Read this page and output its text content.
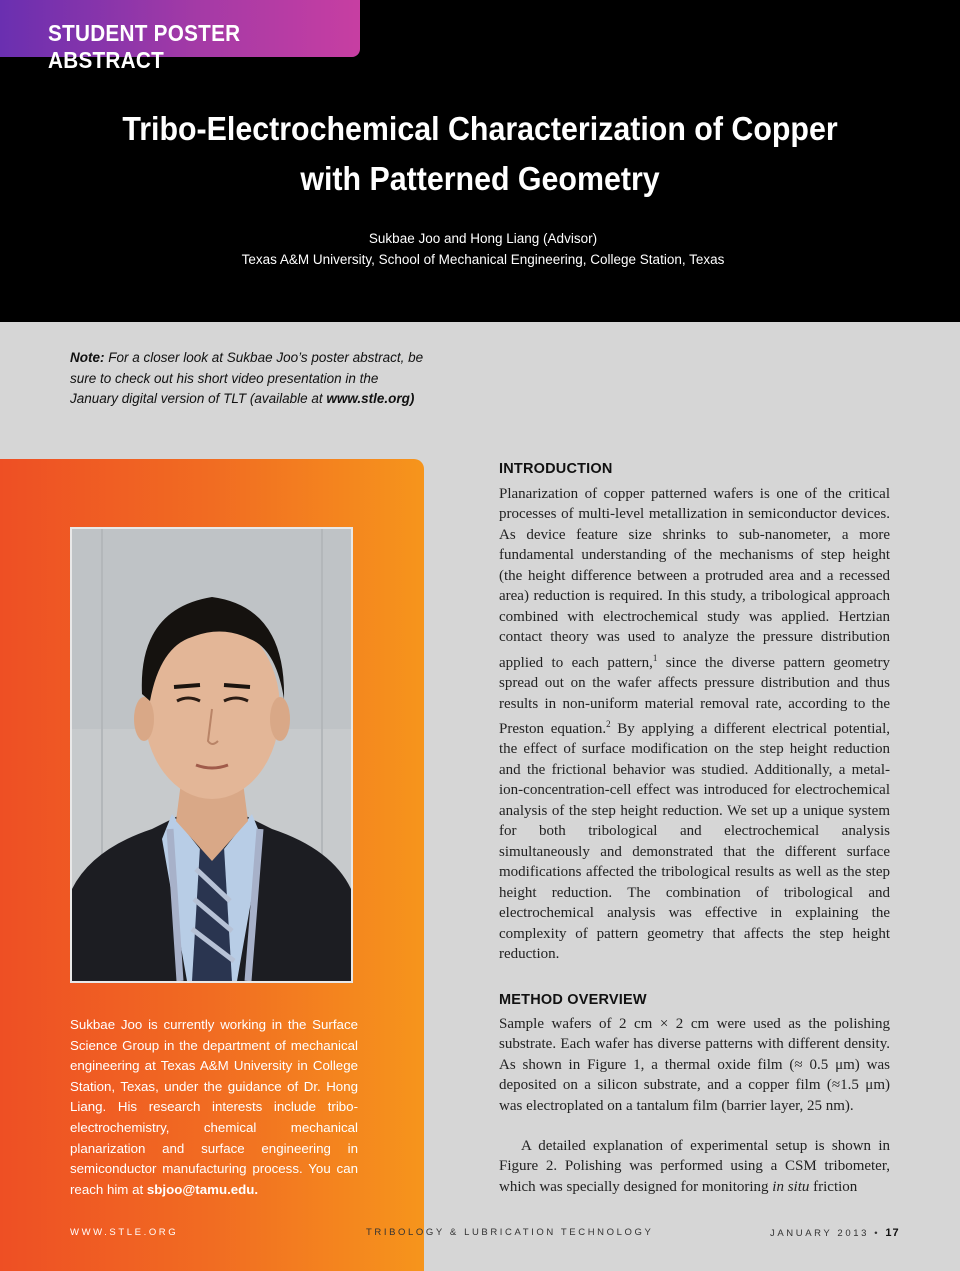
STUDENT POSTER ABSTRACT
Tribo-Electrochemical Characterization of Copper
with Patterned Geometry
Sukbae Joo and Hong Liang (Advisor)
Texas A&M University, School of Mechanical Engineering, College Station, Texas
Note: For a closer look at Sukbae Joo’s poster abstract, be sure to check out his short video presentation in the January digital version of TLT (available at www.stle.org)
Sukbae Joo is currently working in the Surface Science Group in the department of mechanical engineering at Texas A&M University in College Station, Texas, under the guidance of Dr. Hong Liang. His research interests include tribo-electrochemistry, chemical mechanical planarization and surface engineering in semiconductor manufacturing process. You can reach him at sbjoo@tamu.edu.
INTRODUCTION

Planarization of copper patterned wafers is one of the critical processes of multi-level metallization in semiconductor devices. As device feature size shrinks to sub-nanometer, a more fundamental understanding of the mechanisms of step height (the height difference between a protruded area and a recessed area) reduction is required. In this study, a tribological approach combined with electrochemical study was applied. Hertzian contact theory was used to analyze the pressure distribution applied to each pattern,$^1$ since the diverse pattern geometry spread out on the wafer affects pressure distribution and thus results in non-uniform material removal rate, according to the Preston equation.$^2$ By applying a different electrical potential, the effect of surface modification on the step height reduction and the frictional behavior was studied. Additionally, a metal-ion-concentration-cell effect was introduced for electrochemical analysis of the step height reduction. We set up a unique system for both tribological and electrochemical analysis simultaneously and demonstrated that the different surface modifications affected the tribological results as well as the step height reduction. The combination of tribological and electrochemical analysis was effective in explaining the complexity of pattern geometry that affects the step height reduction.

METHOD OVERVIEW

Sample wafers of 2 cm × 2 cm were used as the polishing substrate. Each wafer has diverse patterns with different density. As shown in Figure 1, a thermal oxide film (≈ 0.5 μm) was deposited on a silicon substrate, and a copper film (≈1.5 μm) was electroplated on a tantalum film (barrier layer, 25 nm).

A detailed explanation of experimental setup is shown in Figure 2. Polishing was performed using a CSM tribometer, which was specially designed for monitoring in situ friction

WWW.STLE.ORG	TRIBOLOGY & LUBRICATION TECHNOLOGY	JANUARY 2013 • 17
